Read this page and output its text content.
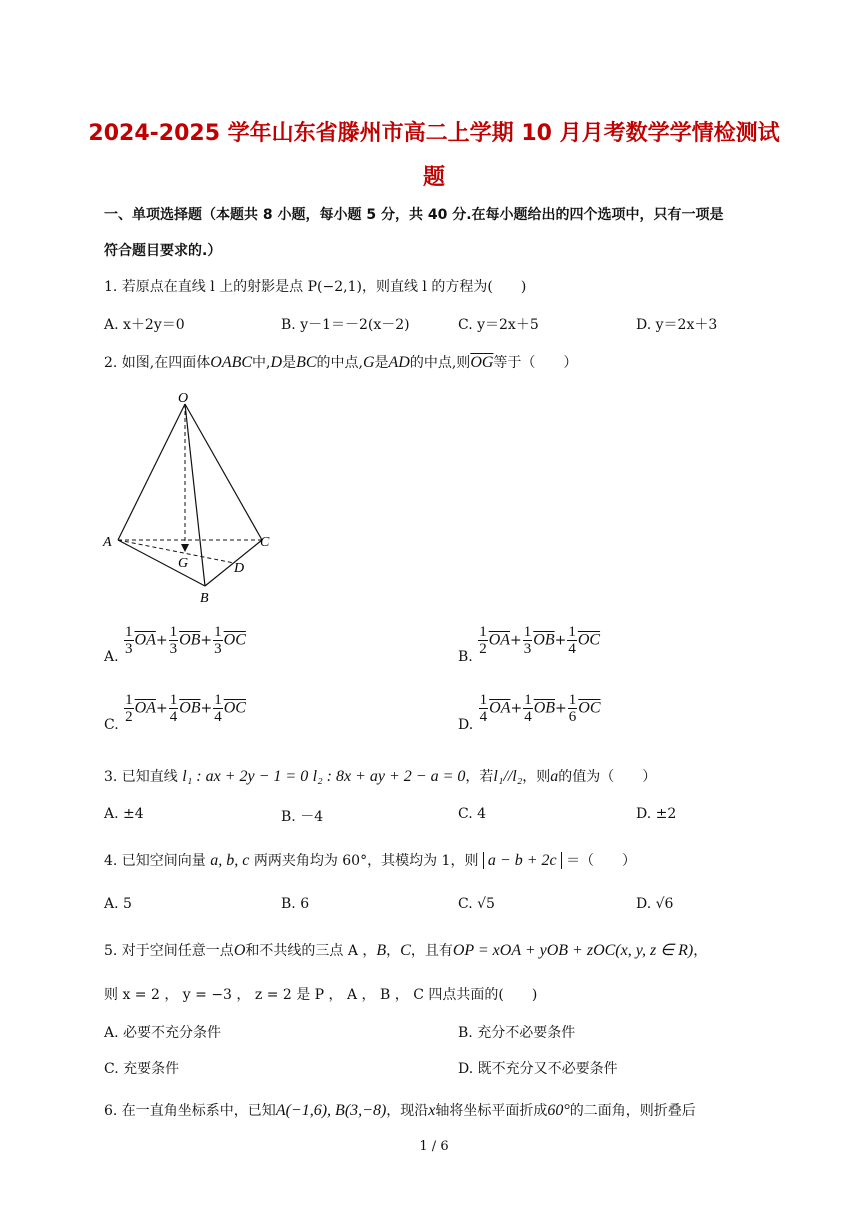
2024-2025 学年山东省滕州市高二上学期 10 月月考数学学情检测试
题
一、单项选择题（本题共 8 小题，每小题 5 分，共 40 分.在每小题给出的四个选项中，只有一项是
符合题目要求的.）
1. 若原点在直线 l 上的射影是点 P(−2,1)，则直线 l 的方程为(　　)
A. x＋2y＝0	B. y－1＝－2(x－2)	C. y＝2x＋5	D. y＝2x＋3
2. 如图,在四面体OABC中,D是BC的中点,G是AD的中点,则$\overline{OG}$等于（　　）
O
A	C
G	D
B
A. $\frac{1}{3} \overline{OA}+ \frac{1}{3} \overline{OB}+ \frac{1}{3} \overline{OC}$
B. $\frac{1}{2} \overline{OA}+ \frac{1}{3} \overline{OB}+ \frac{1}{4} \overline{OC}$
C. $\frac{1}{2} \overline{OA}+ \frac{1}{4} \overline{OB}+ \frac{1}{4} \overline{OC}$
D. $\frac{1}{4} \overline{OA}+ \frac{1}{4} \overline{OB}+ \frac{1}{6} \overline{OC}$
3. 已知直线 l₁ : ax + 2y − 1 = 0 l₂ : 8x + ay + 2 − a = 0，若l₁//l₂，则a的值为（　　）
A. ±4	B. －4	C. 4	D. ±2
4. 已知空间向量 a, b, c 两两夹角均为 60°，其模均为 1，则 a − b + 2c ＝（　　）
A. 5	B. 6	C. √5	D. √6
5. 对于空间任意一点O和不共线的三点 A ，B，C，且有OP = xOA + yOB + zOC(x, y, z ∈ R)，
则 x = 2 ， y = −3 ， z = 2 是 P ， A ， B ， C 四点共面的(　　)
A. 必要不充分条件	B. 充分不必要条件
C. 充要条件	D. 既不充分又不必要条件
6. 在一直角坐标系中，已知A(−1,6), B(3,−8)，现沿x轴将坐标平面折成60°的二面角，则折叠后
1 / 6
